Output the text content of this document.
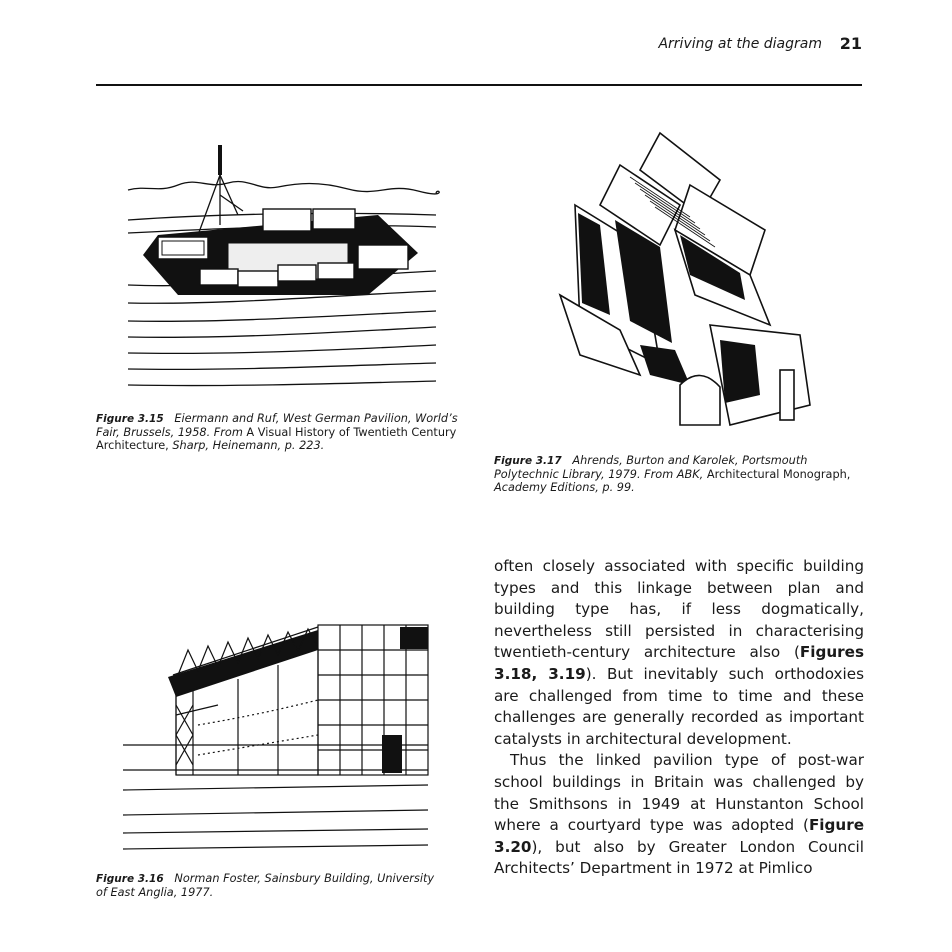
Arriving at the diagram 21
Figure 3.15 Eiermann and Ruf, West German Pavilion, World’s Fair, Brussels, 1958. From A Visual History of Twentieth Century Architecture, Sharp, Heinemann, p. 223.
Figure 3.17 Ahrends, Burton and Karolek, Portsmouth Polytechnic Library, 1979. From ABK, Architectural Monograph, Academy Editions, p. 99.
Figure 3.16 Norman Foster, Sainsbury Building, University of East Anglia, 1977.

often closely associated with specific building types and this linkage between plan and building type has, if less dogmatically, nevertheless still persisted in characterising twentieth-century architecture also (Figures 3.18, 3.19). But inevitably such orthodoxies are challenged from time to time and these challenges are generally recorded as important catalysts in architectural development.

Thus the linked pavilion type of post-war school buildings in Britain was challenged by the Smithsons in 1949 at Hunstanton School where a courtyard type was adopted (Figure 3.20), but also by Greater London Council Architects’ Department in 1972 at Pimlico
